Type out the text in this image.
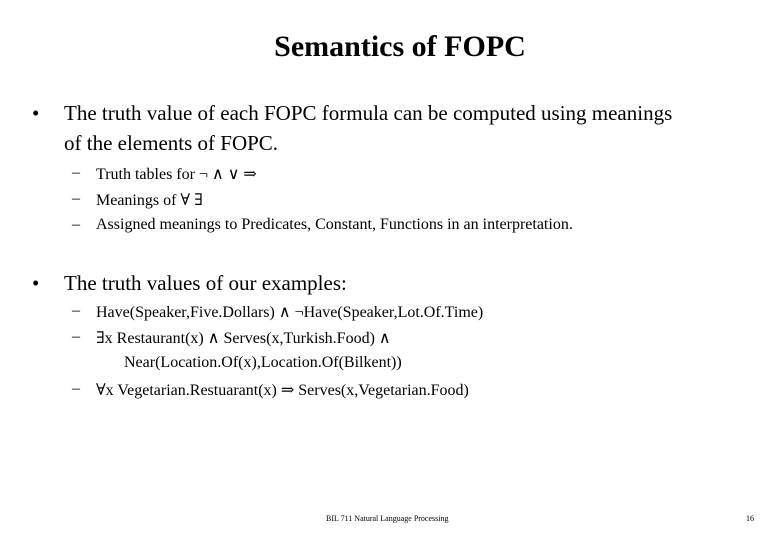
Semantics of FOPC
• The truth value of each FOPC formula can be computed using meanings
of the elements of FOPC.
– Truth tables for ¬ ∧ ∨ ⇒
– Meanings of ∀ ∃
– Assigned meanings to Predicates, Constant, Functions in an interpretation.
• The truth values of our examples:
– Have(Speaker,Five.Dollars) ∧ ¬Have(Speaker,Lot.Of.Time)
– ∃x Restaurant(x) ∧ Serves(x,Turkish.Food) ∧
Near(Location.Of(x),Location.Of(Bilkent))
– ∀x Vegetarian.Restuarant(x) ⇒ Serves(x,Vegetarian.Food)
BIL 711 Natural Language Processing	16
